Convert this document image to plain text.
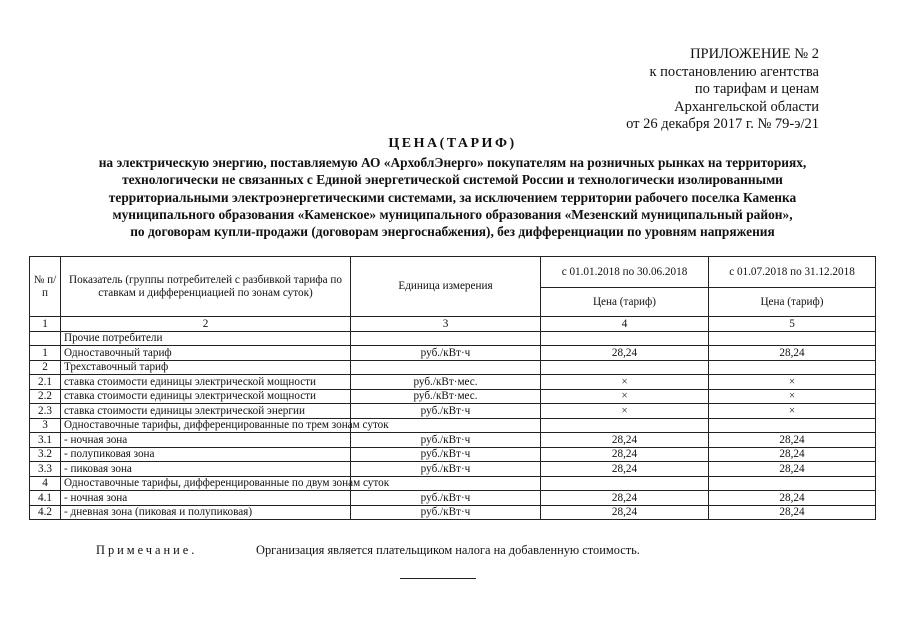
ПРИЛОЖЕНИЕ № 2
к постановлению агентства
по тарифам и ценам
Архангельской области
от 26 декабря 2017 г. № 79-э/21
ЦЕНА(ТАРИФ)
на электрическую энергию, поставляемую АО «АрхоблЭнерго» покупателям на розничных рынках на территориях,
технологически не связанных с Единой энергетической системой России и технологически изолированными
территориальными электроэнергетическими системами, за исключением территории рабочего поселка Каменка
муниципального образования «Каменское» муниципального образования «Мезенский муниципальный район»,
по договорам купли-продажи (договорам энергоснабжения), без дифференциации по уровням напряжения
№ п/п	Показатель (группы потребителей с разбивкой тарифа по ставкам и дифференциацией по зонам суток)	Единица измерения	с 01.01.2018 по 30.06.2018	с 01.07.2018 по 31.12.2018
			Цена (тариф)	Цена (тариф)
1	2	3	4	5
	Прочие потребители			
1	Одноставочный тариф	руб./кВт·ч	28,24	28,24
2	Трехставочный тариф			
2.1	ставка стоимости единицы электрической мощности	руб./кВт·мес.	×	×
2.2	ставка стоимости единицы электрической мощности	руб./кВт·мес.	×	×
2.3	ставка стоимости единицы электрической энергии	руб./кВт·ч	×	×
3	Одноставочные тарифы, дифференцированные по трем зонам суток			
3.1	- ночная зона	руб./кВт·ч	28,24	28,24
3.2	- полупиковая зона	руб./кВт·ч	28,24	28,24
3.3	- пиковая зона	руб./кВт·ч	28,24	28,24
4	Одноставочные тарифы, дифференцированные по двум зонам суток			
4.1	- ночная зона	руб./кВт·ч	28,24	28,24
4.2	- дневная зона (пиковая и полупиковая)	руб./кВт·ч	28,24	28,24
Примечание.	Организация является плательщиком налога на добавленную стоимость.
